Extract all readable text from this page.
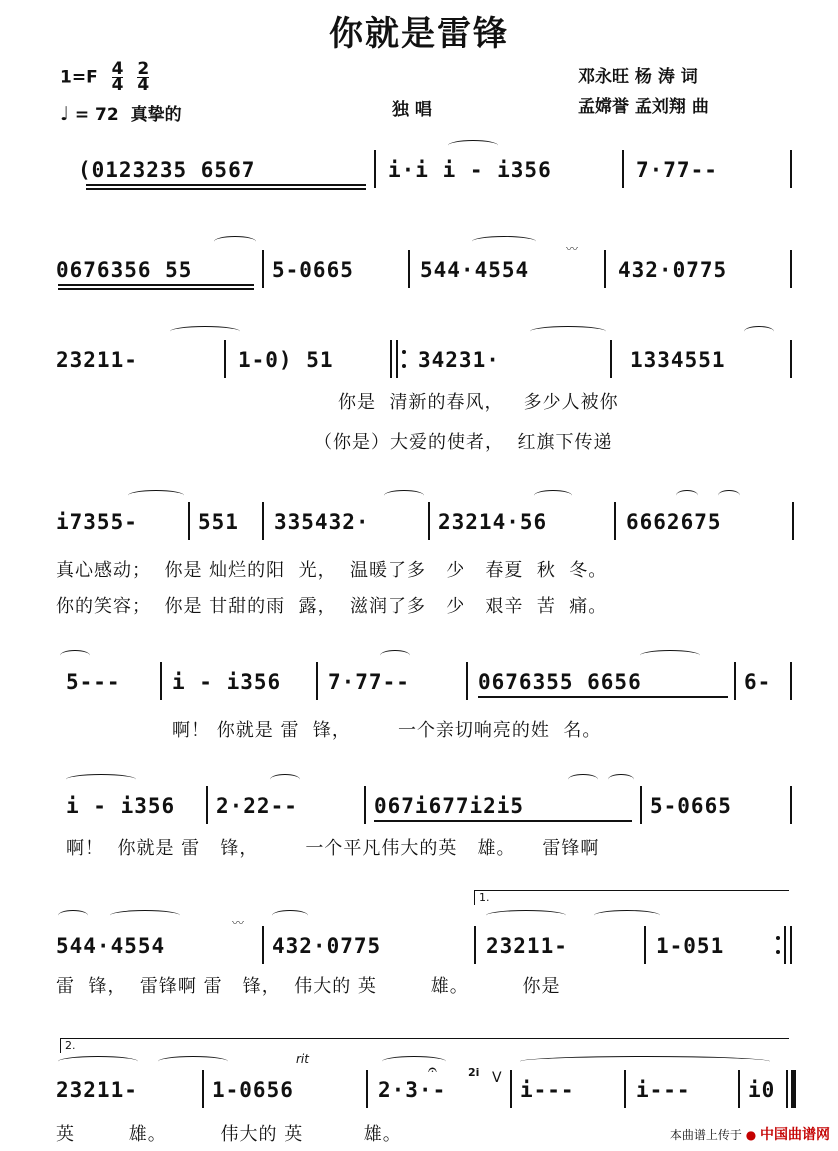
你就是雷锋
$1=F \frac{4}{4}$
$\frac{2}{4}$
♩ = 72 真挚的	独 唱
邓永旺 杨 涛 词
孟嫦誉 孟刘翔 曲
(0123235 6567	i·i i - i356	7·77--
0676356 55	5-0665	544·4554	432·0775
〰
23211-	1-0) 51	34231·	1334551
你是  清新的春风，   多少人被你
（你是）大爱的使者，  红旗下传递
i7355-	551 335432·	23214·56	6662675
真心感动；  你是 灿烂的阳  光，  温暖了多   少   春夏  秋  冬。
你的笑容；  你是 甘甜的雨  露，  滋润了多   少   艰辛  苦  痛。
5--- i - i356 7·77--	0676355 6656	6-
啊！ 你就是 雷  锋，       一个亲切响亮的姓  名。
i - i356 2·22--	067i677i2i5	5-0665
啊！  你就是 雷   锋，       一个平凡伟大的英   雄。    雷锋啊
1.
544·4554	432·0775	23211-	1-051
〰
雷  锋，  雷锋啊 雷   锋，  伟大的 英        雄。        你是
2.
rit
23211-	1-0656	2·3·-
2i V i---	i---	i0
𝄐
英        雄。        伟大的 英         雄。	本曲谱上传于 ● 中国曲谱网
